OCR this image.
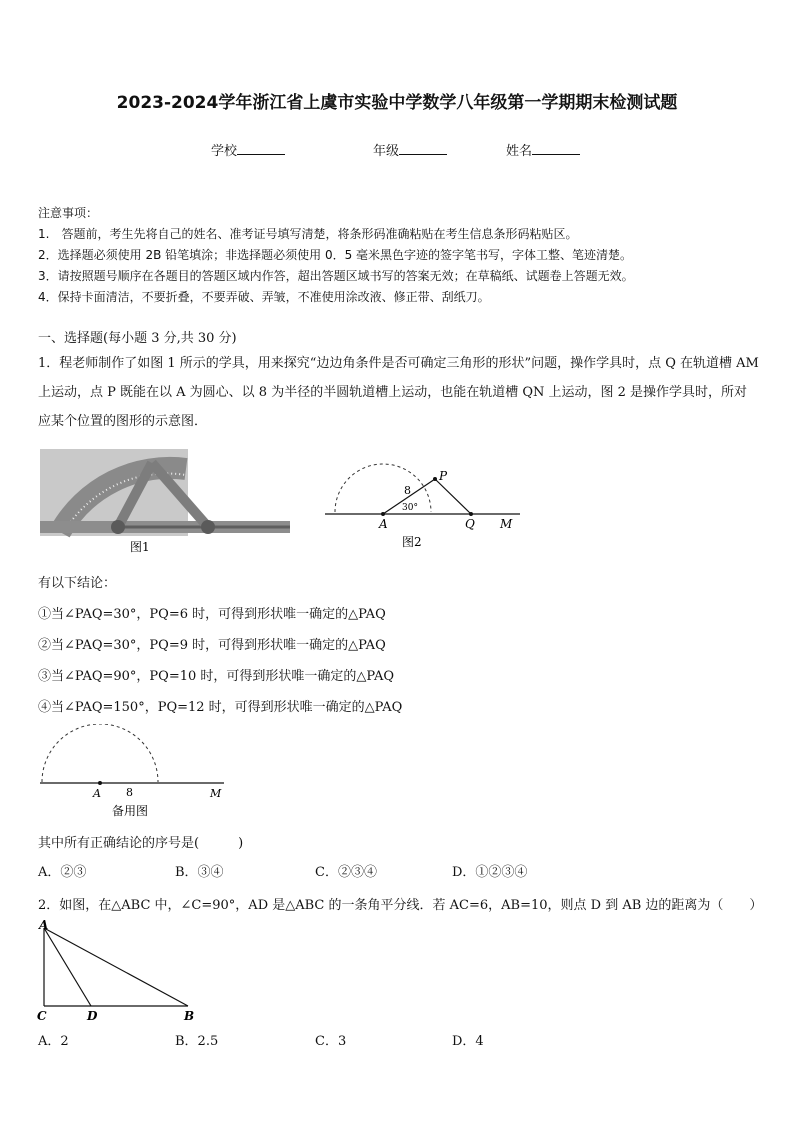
2023-2024学年浙江省上虞市实验中学数学八年级第一学期期末检测试题
学校	年级	姓名
注意事项：
1.　答题前，考生先将自己的姓名、准考证号填写清楚，将条形码准确粘贴在考生信息条形码粘贴区。
2．选择题必须使用 2B 铅笔填涂；非选择题必须使用 0．5 毫米黑色字迹的签字笔书写，字体工整、笔迹清楚。
3．请按照题号顺序在各题目的答题区域内作答，超出答题区域书写的答案无效；在草稿纸、试题卷上答题无效。
4．保持卡面清洁，不要折叠，不要弄破、弄皱，不准使用涂改液、修正带、刮纸刀。
一、选择题(每小题 3 分,共 30 分)
1．程老师制作了如图 1 所示的学具，用来探究“边边角条件是否可确定三角形的形状”问题，操作学具时，点 Q 在轨道槽 AM 上运动，点 P 既能在以 A 为圆心、以 8 为半径的半圆轨道槽上运动，也能在轨道槽 QN 上运动，图 2 是操作学具时，所对应某个位置的图形的示意图．
图1
P
A	Q M
8
30°
图2
有以下结论：
①当∠PAQ=30°，PQ=6 时，可得到形状唯一确定的△PAQ
②当∠PAQ=30°，PQ=9 时，可得到形状唯一确定的△PAQ
③当∠PAQ=90°，PQ=10 时，可得到形状唯一确定的△PAQ
④当∠PAQ=150°，PQ=12 时，可得到形状唯一确定的△PAQ
A 8	M
备用图
其中所有正确结论的序号是(　　　)
A．②③	B．③④	C．②③④	D．①②③④
2．如图，在△ABC 中，∠C=90°，AD 是△ABC 的一条角平分线．若 AC=6，AB=10，则点 D 到 AB 边的距离为（　　）
A
C	D	B
A．2	B．2.5	C．3	D．4
